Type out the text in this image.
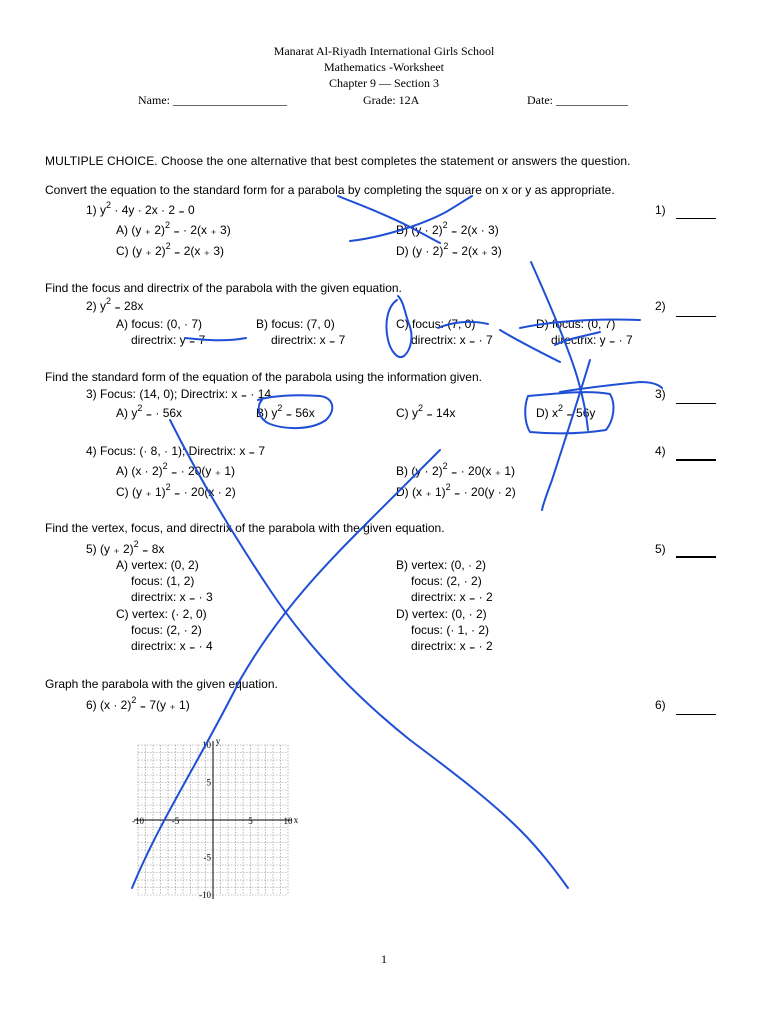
Manarat Al-Riyadh International Girls School
Mathematics -Worksheet
Chapter 9 — Section 3
Name: ___________________	Grade: 12A	Date: ____________
MULTIPLE CHOICE. Choose the one alternative that best completes the statement or answers the question.
Convert the equation to the standard form for a parabola by completing the square on x or y as appropriate.
1) $y^2 \cdot 4y \cdot 2x \cdot 2$ ₌ 0	1)
A) (y ₊ 2)$^2$ ₌ · 2(x ₊ 3)	B) $(y \cdot 2)^2$ ₌ 2(x · 3)
C) (y ₊ 2)$^2$ ₌ 2(x ₊ 3)	D) $(y \cdot 2)^2$ ₌ 2(x ₊ 3)
Find the focus and directrix of the parabola with the given equation.
2) $y^2$ ₌ 28x	2)
A) focus: (0, · 7)
directrix: y ₌ 7
B) focus: (7, 0)
directrix: x ₌ 7
C) focus: (7, 0)
directrix: x ₌ · 7
D) focus: (0, 7)
directrix: y ₌ · 7
Find the standard form of the equation of the parabola using the information given.
3) Focus: (14, 0); Directrix: x ₌ · 14	3)
A) $y^2$ ₌ · 56x	B) $y^2$ ₌ 56x	C) $y^2$ ₌ 14x	D) $x^2$ ₌ 56y
4) Focus: (· 8, · 1); Directrix: x ₌ 7	4)
A) $(x \cdot 2)^2$ ₌ · 20(y ₊ 1)	B) $(y \cdot 2)^2$ ₌ · 20(x ₊ 1)
C) (y ₊ 1)$^2$ ₌ · 20(x · 2)	D) (x ₊ 1)$^2$ ₌ · 20(y · 2)
Find the vertex, focus, and directrix of the parabola with the given equation.
5) (y ₊ 2)$^2$ ₌ 8x	5)
A) vertex: (0, 2)
focus: (1, 2)
directrix: x ₌ · 3
B) vertex: (0, · 2)
focus: (2, · 2)
directrix: x ₌ · 2
C) vertex: (· 2, 0)
focus: (2, · 2)
directrix: x ₌ · 4
D) vertex: (0, · 2)
focus: (· 1, · 2)
directrix: x ₌ · 2
Graph the parabola with the given equation.
6) $(x \cdot 2)^2$ ₌ 7(y ₊ 1)	6)
-10	-5	5	10
10
5
-5
-10
x
y
1
